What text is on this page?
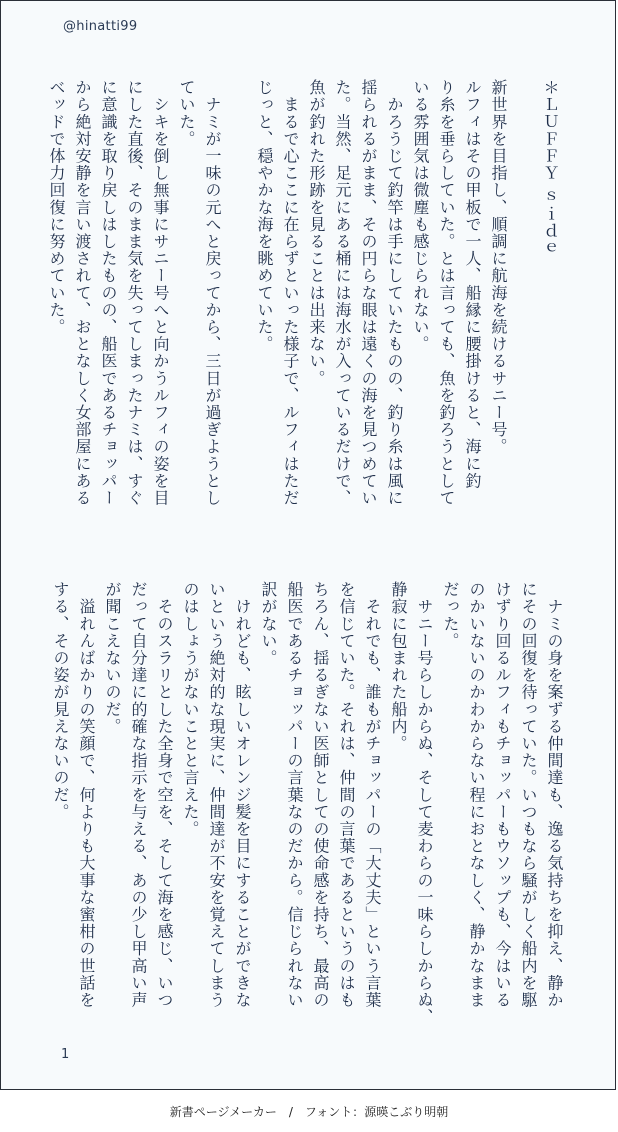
@hinatti99
＊ＬＵＦＦＹ ｓｉｄｅ

新世界を目指し、順調に航海を続けるサニー号。
ルフィはその甲板で一人、船縁に腰掛けると、海に釣
り糸を垂らしていた。とは言っても、魚を釣ろうとして
いる雰囲気は微塵も感じられない。
　かろうじて釣竿は手にしていたものの、釣り糸は風に
揺られるがまま、その円らな眼は遠くの海を見つめてい
た。当然、足元にある桶には海水が入っているだけで、
魚が釣れた形跡を見ることは出来ない。
　まるで心ここに在らずといった様子で、ルフィはただ
じっと、穏やかな海を眺めていた。

　ナミが一味の元へと戻ってから、三日が過ぎようとし
ていた。
　シキを倒し無事にサニー号へと向かうルフィの姿を目
にした直後、そのまま気を失ってしまったナミは、すぐ
に意識を取り戻しはしたものの、船医であるチョッパー
から絶対安静を言い渡されて、おとなしく女部屋にある
ベッドで体力回復に努めていた。
　ナミの身を案ずる仲間達も、逸る気持ちを抑え、静か
にその回復を待っていた。いつもなら騒がしく船内を駆
けずり回るルフィもチョッパーもウソップも、今はいる
のかいないのかわからない程におとなしく、静かなまま
だった。
　サニー号らしからぬ、そして麦わらの一味らしからぬ、
静寂に包まれた船内。
　それでも、誰もがチョッパーの「大丈夫」という言葉
を信じていた。それは、仲間の言葉であるというのはも
ちろん、揺るぎない医師としての使命感を持ち、最高の
船医であるチョッパーの言葉なのだから。信じられない
訳がない。
　けれども、眩しいオレンジ髪を目にすることができな
いという絶対的な現実に、仲間達が不安を覚えてしまう
のはしょうがないことと言えた。
　そのスラリとした全身で空を、そして海を感じ、いつ
だって自分達に的確な指示を与える、あの少し甲高い声
が聞こえないのだ。
　溢れんばかりの笑顔で、何よりも大事な蜜柑の世話を
する、その姿が見えないのだ。
1
新書ページメーカー　/　フォント：源暎こぶり明朝
